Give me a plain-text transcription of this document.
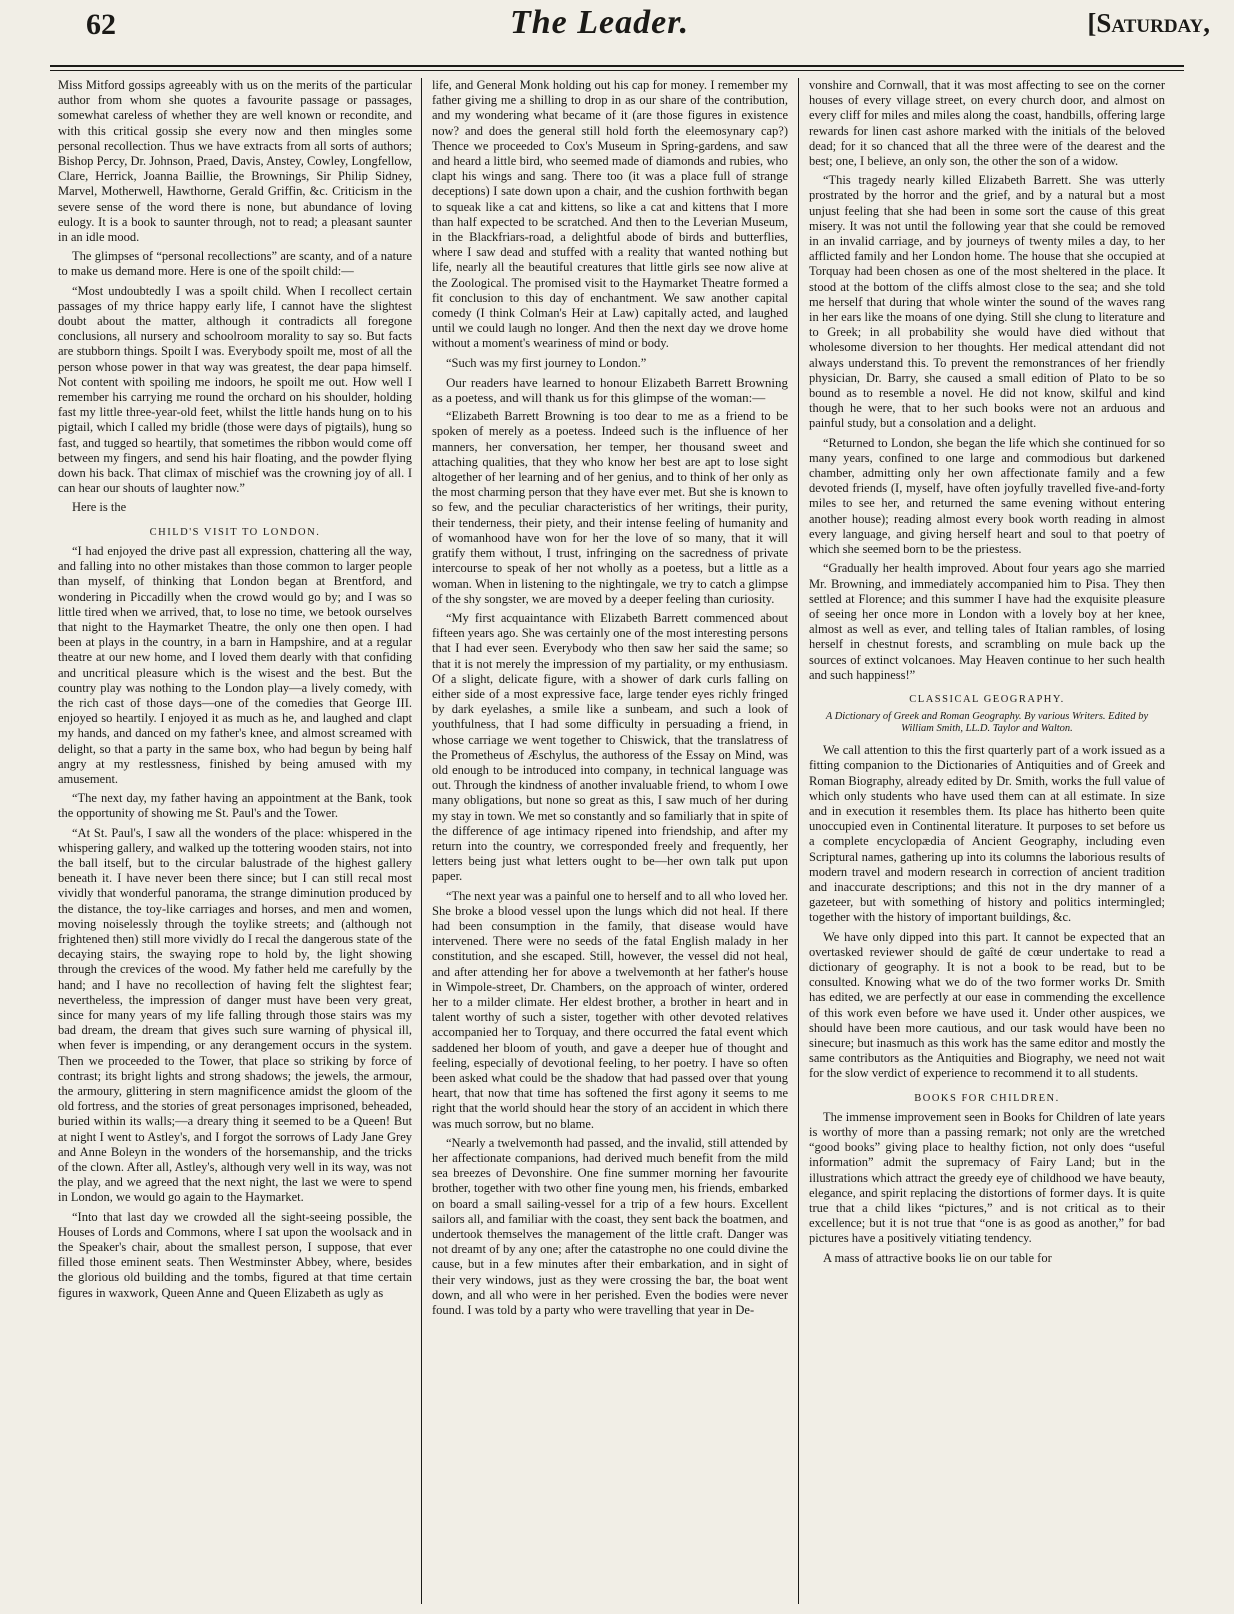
62	The Leader.	[Saturday,

Miss Mitford gossips agreeably with us on the merits of the particular author from whom she quotes a favourite passage or passages, somewhat careless of whether they are well known or recondite, and with this critical gossip she every now and then mingles some personal recollection. Thus we have extracts from all sorts of authors; Bishop Percy, Dr. Johnson, Praed, Davis, Anstey, Cowley, Longfellow, Clare, Herrick, Joanna Baillie, the Brownings, Sir Philip Sidney, Marvel, Motherwell, Hawthorne, Gerald Griffin, &c. Criticism in the severe sense of the word there is none, but abundance of loving eulogy. It is a book to saunter through, not to read; a pleasant saunter in an idle mood.

The glimpses of “personal recollections” are scanty, and of a nature to make us demand more. Here is one of the spoilt child:—

“Most undoubtedly I was a spoilt child. When I recollect certain passages of my thrice happy early life, I cannot have the slightest doubt about the matter, although it contradicts all foregone conclusions, all nursery and schoolroom morality to say so. But facts are stubborn things. Spoilt I was. Everybody spoilt me, most of all the person whose power in that way was greatest, the dear papa himself. Not content with spoiling me indoors, he spoilt me out. How well I remember his carrying me round the orchard on his shoulder, holding fast my little three-year-old feet, whilst the little hands hung on to his pigtail, which I called my bridle (those were days of pigtails), hung so fast, and tugged so heartily, that sometimes the ribbon would come off between my fingers, and send his hair floating, and the powder flying down his back. That climax of mischief was the crowning joy of all. I can hear our shouts of laughter now.”

Here is the

CHILD'S VISIT TO LONDON.

“I had enjoyed the drive past all expression, chattering all the way, and falling into no other mistakes than those common to larger people than myself, of thinking that London began at Brentford, and wondering in Piccadilly when the crowd would go by; and I was so little tired when we arrived, that, to lose no time, we betook ourselves that night to the Haymarket Theatre, the only one then open. I had been at plays in the country, in a barn in Hampshire, and at a regular theatre at our new home, and I loved them dearly with that confiding and uncritical pleasure which is the wisest and the best. But the country play was nothing to the London play—a lively comedy, with the rich cast of those days—one of the comedies that George III. enjoyed so heartily. I enjoyed it as much as he, and laughed and clapt my hands, and danced on my father's knee, and almost screamed with delight, so that a party in the same box, who had begun by being half angry at my restlessness, finished by being amused with my amusement.

“The next day, my father having an appointment at the Bank, took the opportunity of showing me St. Paul's and the Tower.

“At St. Paul's, I saw all the wonders of the place: whispered in the whispering gallery, and walked up the tottering wooden stairs, not into the ball itself, but to the circular balustrade of the highest gallery beneath it. I have never been there since; but I can still recal most vividly that wonderful panorama, the strange diminution produced by the distance, the toy-like carriages and horses, and men and women, moving noiselessly through the toylike streets; and (although not frightened then) still more vividly do I recal the dangerous state of the decaying stairs, the swaying rope to hold by, the light showing through the crevices of the wood. My father held me carefully by the hand; and I have no recollection of having felt the slightest fear; nevertheless, the impression of danger must have been very great, since for many years of my life falling through those stairs was my bad dream, the dream that gives such sure warning of physical ill, when fever is impending, or any derangement occurs in the system. Then we proceeded to the Tower, that place so striking by force of contrast; its bright lights and strong shadows; the jewels, the armour, the armoury, glittering in stern magnificence amidst the gloom of the old fortress, and the stories of great personages imprisoned, beheaded, buried within its walls;—a dreary thing it seemed to be a Queen! But at night I went to Astley's, and I forgot the sorrows of Lady Jane Grey and Anne Boleyn in the wonders of the horsemanship, and the tricks of the clown. After all, Astley's, although very well in its way, was not the play, and we agreed that the next night, the last we were to spend in London, we would go again to the Haymarket.

“Into that last day we crowded all the sight-seeing possible, the Houses of Lords and Commons, where I sat upon the woolsack and in the Speaker's chair, about the smallest person, I suppose, that ever filled those eminent seats. Then Westminster Abbey, where, besides the glorious old building and the tombs, figured at that time certain figures in waxwork, Queen Anne and Queen Elizabeth as ugly as

life, and General Monk holding out his cap for money. I remember my father giving me a shilling to drop in as our share of the contribution, and my wondering what became of it (are those figures in existence now? and does the general still hold forth the eleemosynary cap?) Thence we proceeded to Cox's Museum in Spring-gardens, and saw and heard a little bird, who seemed made of diamonds and rubies, who clapt his wings and sang. There too (it was a place full of strange deceptions) I sate down upon a chair, and the cushion forthwith began to squeak like a cat and kittens, so like a cat and kittens that I more than half expected to be scratched. And then to the Leverian Museum, in the Blackfriars-road, a delightful abode of birds and butterflies, where I saw dead and stuffed with a reality that wanted nothing but life, nearly all the beautiful creatures that little girls see now alive at the Zoological. The promised visit to the Haymarket Theatre formed a fit conclusion to this day of enchantment. We saw another capital comedy (I think Colman's Heir at Law) capitally acted, and laughed until we could laugh no longer. And then the next day we drove home without a moment's weariness of mind or body.

“Such was my first journey to London.”

Our readers have learned to honour Elizabeth Barrett Browning as a poetess, and will thank us for this glimpse of the woman:—

“Elizabeth Barrett Browning is too dear to me as a friend to be spoken of merely as a poetess. Indeed such is the influence of her manners, her conversation, her temper, her thousand sweet and attaching qualities, that they who know her best are apt to lose sight altogether of her learning and of her genius, and to think of her only as the most charming person that they have ever met. But she is known to so few, and the peculiar characteristics of her writings, their purity, their tenderness, their piety, and their intense feeling of humanity and of womanhood have won for her the love of so many, that it will gratify them without, I trust, infringing on the sacredness of private intercourse to speak of her not wholly as a poetess, but a little as a woman. When in listening to the nightingale, we try to catch a glimpse of the shy songster, we are moved by a deeper feeling than curiosity.

“My first acquaintance with Elizabeth Barrett commenced about fifteen years ago. She was certainly one of the most interesting persons that I had ever seen. Everybody who then saw her said the same; so that it is not merely the impression of my partiality, or my enthusiasm. Of a slight, delicate figure, with a shower of dark curls falling on either side of a most expressive face, large tender eyes richly fringed by dark eyelashes, a smile like a sunbeam, and such a look of youthfulness, that I had some difficulty in persuading a friend, in whose carriage we went together to Chiswick, that the translatress of the Prometheus of Æschylus, the authoress of the Essay on Mind, was old enough to be introduced into company, in technical language was out. Through the kindness of another invaluable friend, to whom I owe many obligations, but none so great as this, I saw much of her during my stay in town. We met so constantly and so familiarly that in spite of the difference of age intimacy ripened into friendship, and after my return into the country, we corresponded freely and frequently, her letters being just what letters ought to be—her own talk put upon paper.

“The next year was a painful one to herself and to all who loved her. She broke a blood vessel upon the lungs which did not heal. If there had been consumption in the family, that disease would have intervened. There were no seeds of the fatal English malady in her constitution, and she escaped. Still, however, the vessel did not heal, and after attending her for above a twelvemonth at her father's house in Wimpole-street, Dr. Chambers, on the approach of winter, ordered her to a milder climate. Her eldest brother, a brother in heart and in talent worthy of such a sister, together with other devoted relatives accompanied her to Torquay, and there occurred the fatal event which saddened her bloom of youth, and gave a deeper hue of thought and feeling, especially of devotional feeling, to her poetry. I have so often been asked what could be the shadow that had passed over that young heart, that now that time has softened the first agony it seems to me right that the world should hear the story of an accident in which there was much sorrow, but no blame.

“Nearly a twelvemonth had passed, and the invalid, still attended by her affectionate companions, had derived much benefit from the mild sea breezes of Devonshire. One fine summer morning her favourite brother, together with two other fine young men, his friends, embarked on board a small sailing-vessel for a trip of a few hours. Excellent sailors all, and familiar with the coast, they sent back the boatmen, and undertook themselves the management of the little craft. Danger was not dreamt of by any one; after the catastrophe no one could divine the cause, but in a few minutes after their embarkation, and in sight of their very windows, just as they were crossing the bar, the boat went down, and all who were in her perished. Even the bodies were never found. I was told by a party who were travelling that year in De-

vonshire and Cornwall, that it was most affecting to see on the corner houses of every village street, on every church door, and almost on every cliff for miles and miles along the coast, handbills, offering large rewards for linen cast ashore marked with the initials of the beloved dead; for it so chanced that all the three were of the dearest and the best; one, I believe, an only son, the other the son of a widow.

“This tragedy nearly killed Elizabeth Barrett. She was utterly prostrated by the horror and the grief, and by a natural but a most unjust feeling that she had been in some sort the cause of this great misery. It was not until the following year that she could be removed in an invalid carriage, and by journeys of twenty miles a day, to her afflicted family and her London home. The house that she occupied at Torquay had been chosen as one of the most sheltered in the place. It stood at the bottom of the cliffs almost close to the sea; and she told me herself that during that whole winter the sound of the waves rang in her ears like the moans of one dying. Still she clung to literature and to Greek; in all probability she would have died without that wholesome diversion to her thoughts. Her medical attendant did not always understand this. To prevent the remonstrances of her friendly physician, Dr. Barry, she caused a small edition of Plato to be so bound as to resemble a novel. He did not know, skilful and kind though he were, that to her such books were not an arduous and painful study, but a consolation and a delight.

“Returned to London, she began the life which she continued for so many years, confined to one large and commodious but darkened chamber, admitting only her own affectionate family and a few devoted friends (I, myself, have often joyfully travelled five-and-forty miles to see her, and returned the same evening without entering another house); reading almost every book worth reading in almost every language, and giving herself heart and soul to that poetry of which she seemed born to be the priestess.

“Gradually her health improved. About four years ago she married Mr. Browning, and immediately accompanied him to Pisa. They then settled at Florence; and this summer I have had the exquisite pleasure of seeing her once more in London with a lovely boy at her knee, almost as well as ever, and telling tales of Italian rambles, of losing herself in chestnut forests, and scrambling on mule back up the sources of extinct volcanoes. May Heaven continue to her such health and such happiness!”

CLASSICAL GEOGRAPHY.
A Dictionary of Greek and Roman Geography. By various Writers. Edited by William Smith, LL.D. Taylor and Walton.

We call attention to this the first quarterly part of a work issued as a fitting companion to the Dictionaries of Antiquities and of Greek and Roman Biography, already edited by Dr. Smith, works the full value of which only students who have used them can at all estimate. In size and in execution it resembles them. Its place has hitherto been quite unoccupied even in Continental literature. It purposes to set before us a complete encyclopædia of Ancient Geography, including even Scriptural names, gathering up into its columns the laborious results of modern travel and modern research in correction of ancient tradition and inaccurate descriptions; and this not in the dry manner of a gazeteer, but with something of history and politics intermingled; together with the history of important buildings, &c.

We have only dipped into this part. It cannot be expected that an overtasked reviewer should de gaîté de cœur undertake to read a dictionary of geography. It is not a book to be read, but to be consulted. Knowing what we do of the two former works Dr. Smith has edited, we are perfectly at our ease in commending the excellence of this work even before we have used it. Under other auspices, we should have been more cautious, and our task would have been no sinecure; but inasmuch as this work has the same editor and mostly the same contributors as the Antiquities and Biography, we need not wait for the slow verdict of experience to recommend it to all students.

BOOKS FOR CHILDREN.

The immense improvement seen in Books for Children of late years is worthy of more than a passing remark; not only are the wretched “good books” giving place to healthy fiction, not only does “useful information” admit the supremacy of Fairy Land; but in the illustrations which attract the greedy eye of childhood we have beauty, elegance, and spirit replacing the distortions of former days. It is quite true that a child likes “pictures,” and is not critical as to their excellence; but it is not true that “one is as good as another,” for bad pictures have a positively vitiating tendency.

A mass of attractive books lie on our table for
